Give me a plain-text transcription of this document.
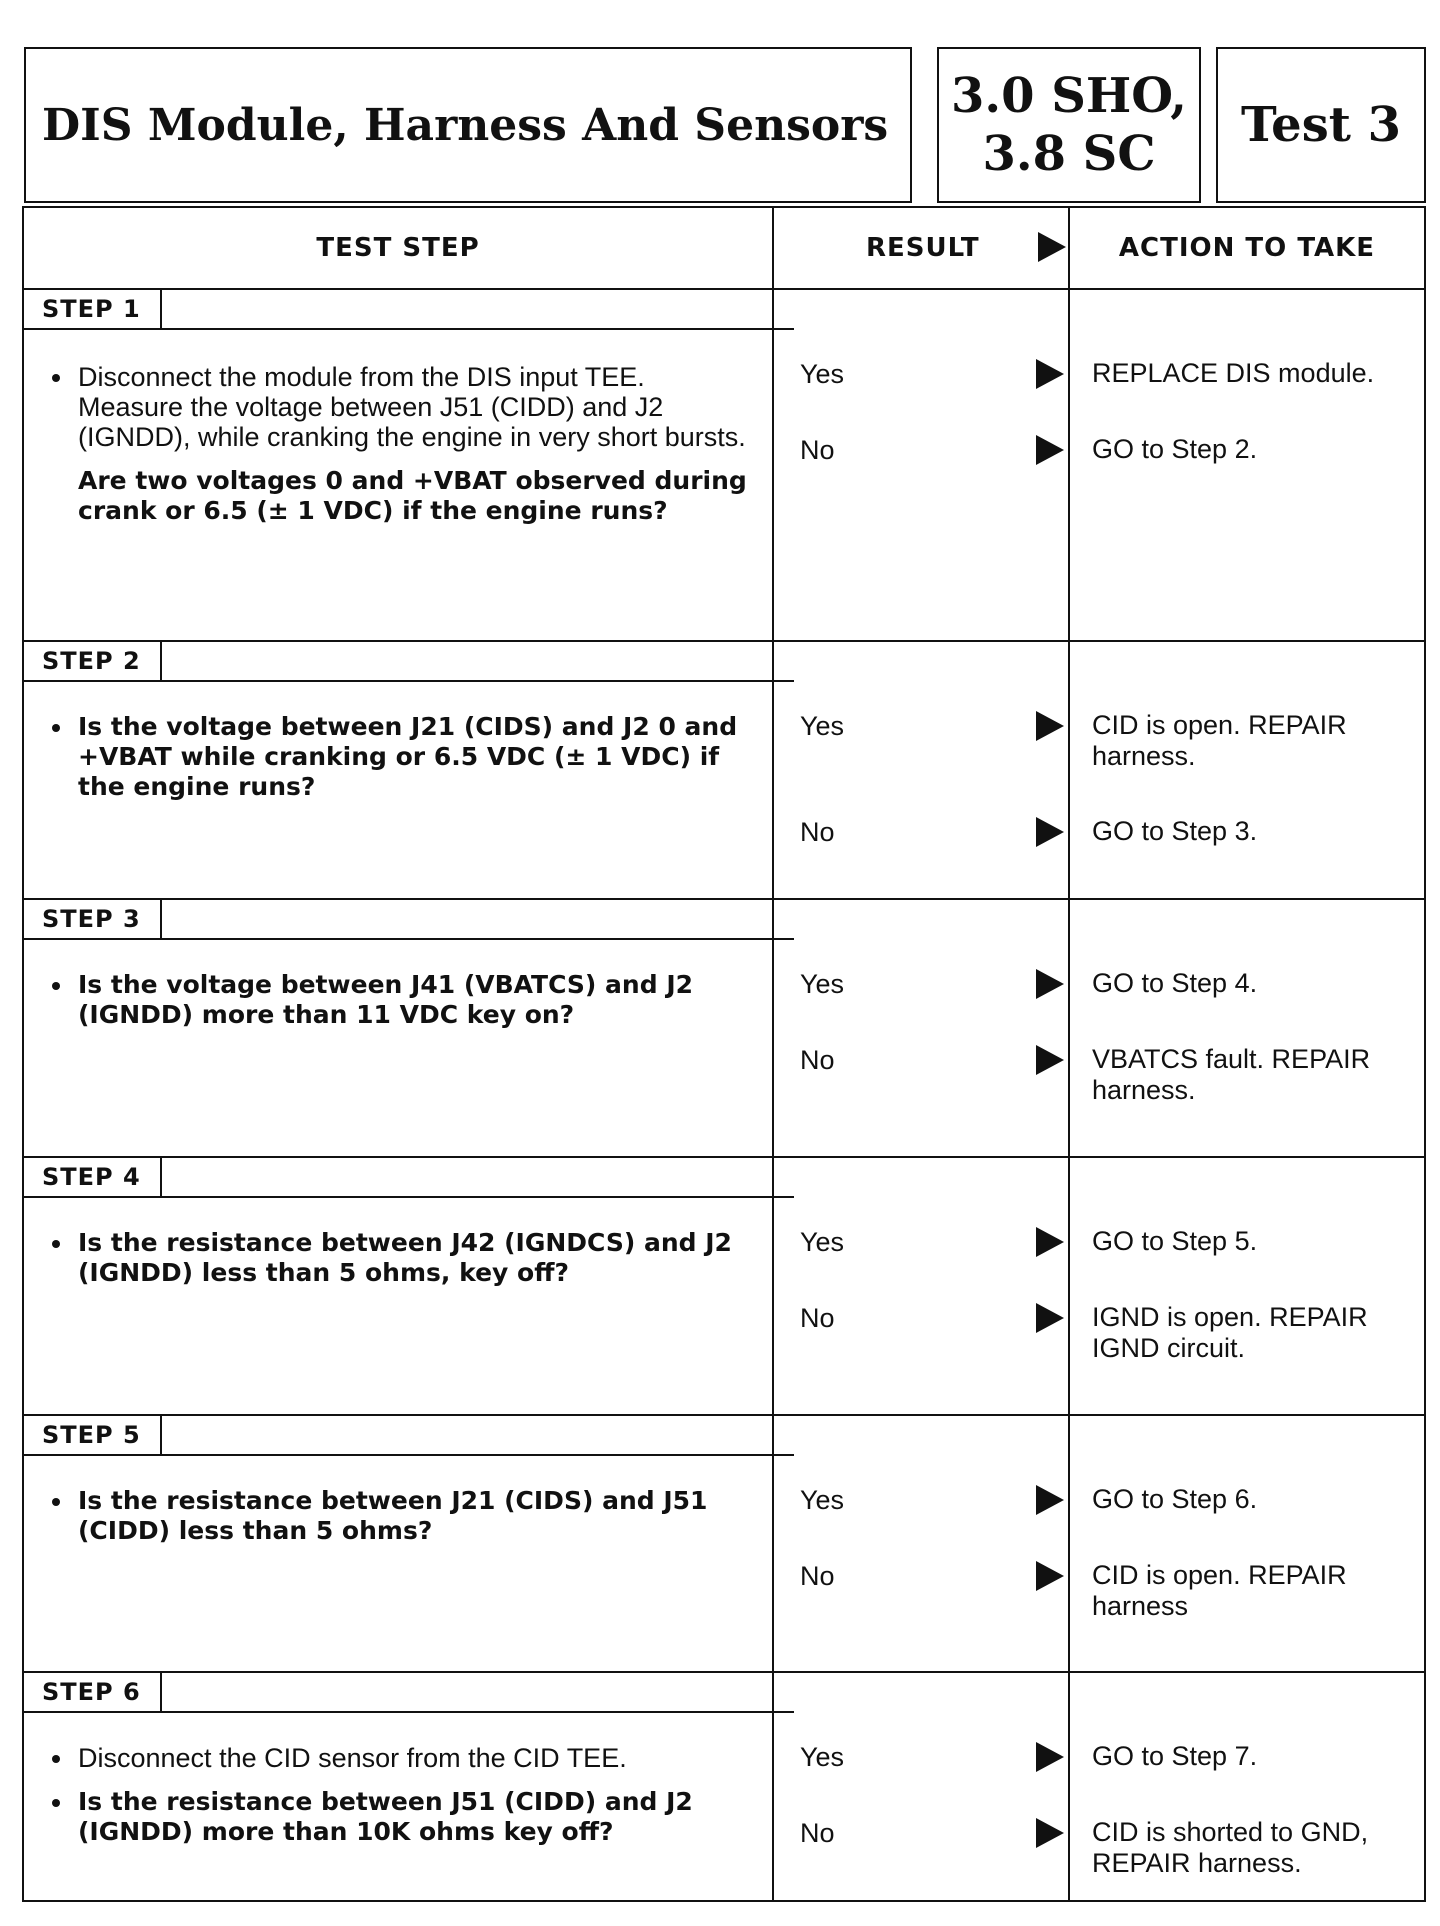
DIS Module, Harness And Sensors
3.0 SHO,
3.8 SC
Test 3
TEST STEP	RESULT	ACTION TO TAKE
STEP 1
Disconnect the module from the DIS input TEE. Measure the voltage between J51 (CIDD) and J2 (IGNDD), while cranking the engine in very short bursts.
Are two voltages 0 and +VBAT observed during crank or 6.5 (± 1 VDC) if the engine runs?
Yes	REPLACE DIS module.
No	GO to Step 2.
STEP 2
Is the voltage between J21 (CIDS) and J2 0 and +VBAT while cranking or 6.5 VDC (± 1 VDC) if the engine runs?
Yes	CID is open. REPAIR harness.
No	GO to Step 3.
STEP 3
Is the voltage between J41 (VBATCS) and J2 (IGNDD) more than 11 VDC key on?
Yes	GO to Step 4.
No	VBATCS fault. REPAIR harness.
STEP 4
Is the resistance between J42 (IGNDCS) and J2 (IGNDD) less than 5 ohms, key off?
Yes	GO to Step 5.
No	IGND is open. REPAIR IGND circuit.
STEP 5
Is the resistance between J21 (CIDS) and J51 (CIDD) less than 5 ohms?
Yes	GO to Step 6.
No	CID is open. REPAIR harness
STEP 6
Disconnect the CID sensor from the CID TEE.
Is the resistance between J51 (CIDD) and J2 (IGNDD) more than 10K ohms key off?
Yes	GO to Step 7.
No	CID is shorted to GND, REPAIR harness.
